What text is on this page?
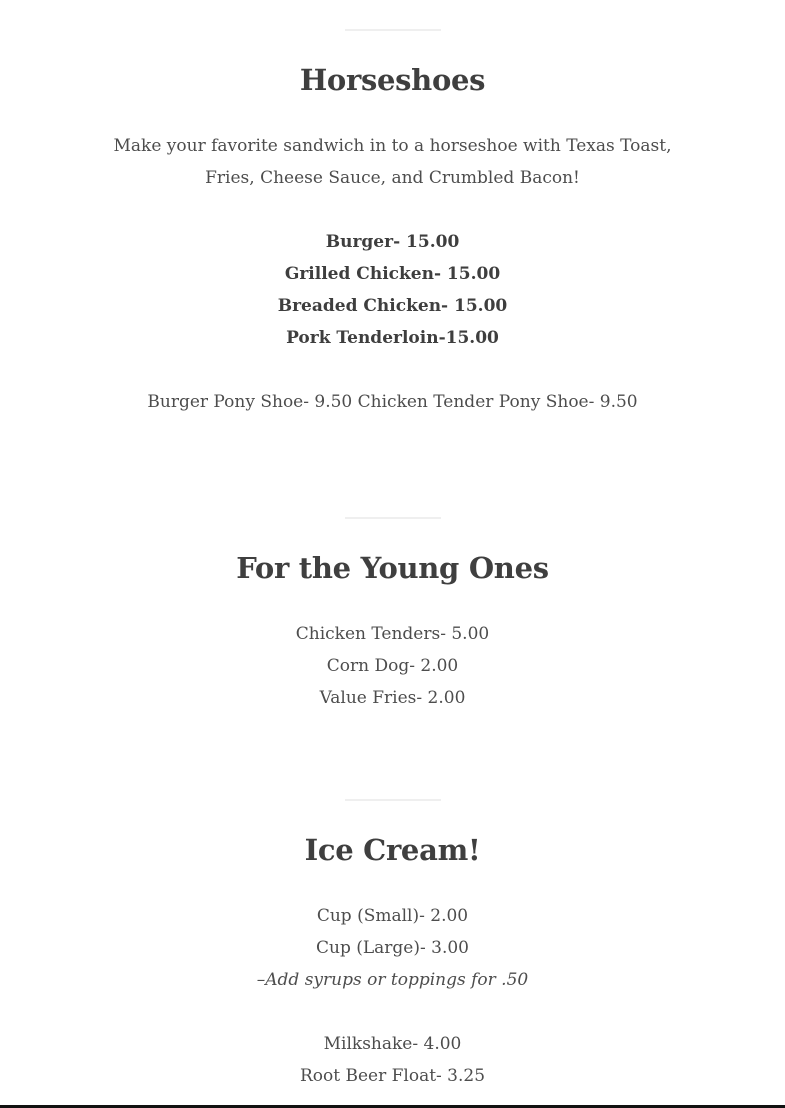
Horseshoes
Make your favorite sandwich in to a horseshoe with Texas Toast,
Fries, Cheese Sauce, and Crumbled Bacon!
Burger- 15.00
Grilled Chicken- 15.00
Breaded Chicken- 15.00
Pork Tenderloin-15.00
Burger Pony Shoe- 9.50 Chicken Tender Pony Shoe- 9.50
For the Young Ones
Chicken Tenders- 5.00
Corn Dog- 2.00
Value Fries- 2.00
Ice Cream!
Cup (Small)- 2.00
Cup (Large)- 3.00
–Add syrups or toppings for .50
Milkshake- 4.00
Root Beer Float- 3.25
